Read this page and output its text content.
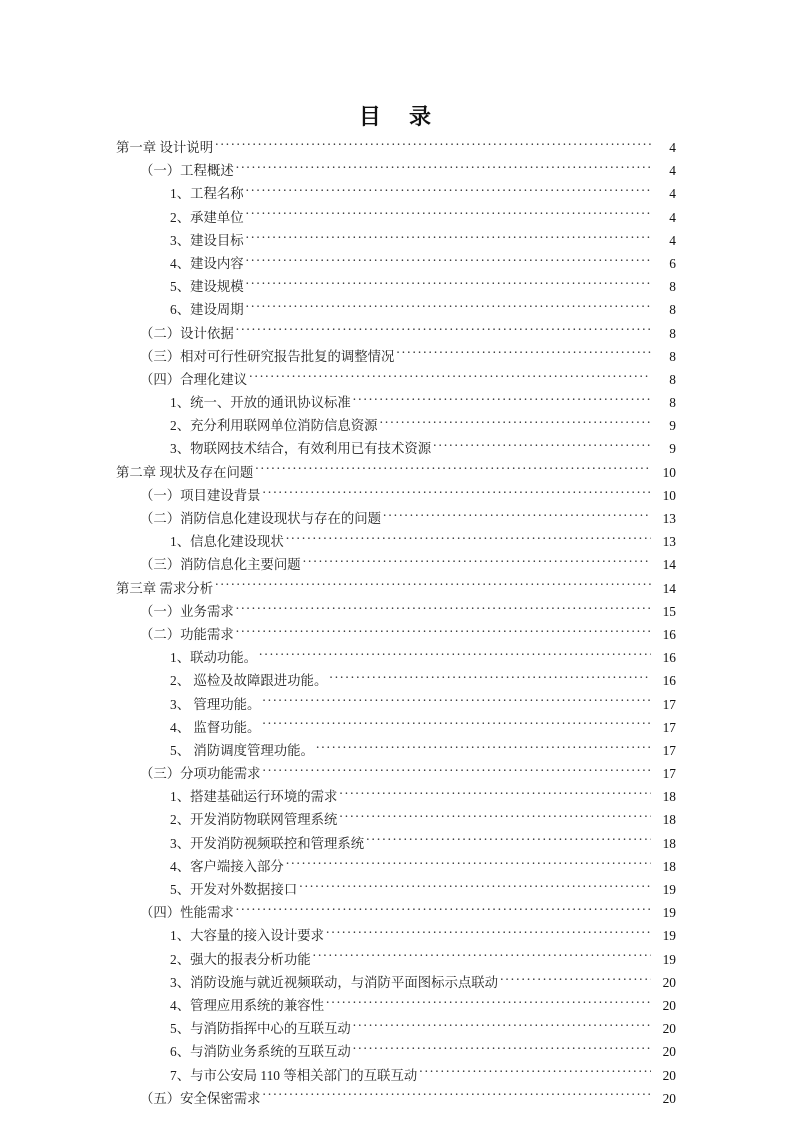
目　录
第一章 设计说明 .....	4
（一）工程概述 .....	4
1、工程名称 .....	4
2、承建单位 .....	4
3、建设目标 .....	4
4、建设内容 .....	6
5、建设规模 .....	8
6、建设周期 .....	8
（二）设计依据 .....	8
（三）相对可行性研究报告批复的调整情况 .....	8
（四）合理化建议 .....	8
1、统一、开放的通讯协议标准 .....	8
2、充分利用联网单位消防信息资源 .....	9
3、物联网技术结合，有效利用已有技术资源 .....	9
第二章 现状及存在问题 .....	10
（一）项目建设背景 .....	10
（二）消防信息化建设现状与存在的问题 .....	13
1、信息化建设现状 .....	13
（三）消防信息化主要问题 .....	14
第三章 需求分析 .....	14
（一）业务需求 .....	15
（二）功能需求 .....	16
1、联动功能。 .....	16
2、 巡检及故障跟进功能。 .....	16
3、 管理功能。 .....	17
4、 监督功能。 .....	17
5、 消防调度管理功能。 .....	17
（三）分项功能需求 .....	17
1、搭建基础运行环境的需求 .....	18
2、开发消防物联网管理系统 .....	18
3、开发消防视频联控和管理系统 .....	18
4、客户端接入部分 .....	18
5、开发对外数据接口 .....	19
（四）性能需求 .....	19
1、大容量的接入设计要求 .....	19
2、强大的报表分析功能 .....	19
3、消防设施与就近视频联动，与消防平面图标示点联动 .....	20
4、管理应用系统的兼容性 .....	20
5、与消防指挥中心的互联互动 .....	20
6、与消防业务系统的互联互动 .....	20
7、与市公安局 110 等相关部门的互联互动 .....	20
（五）安全保密需求 .....	20
